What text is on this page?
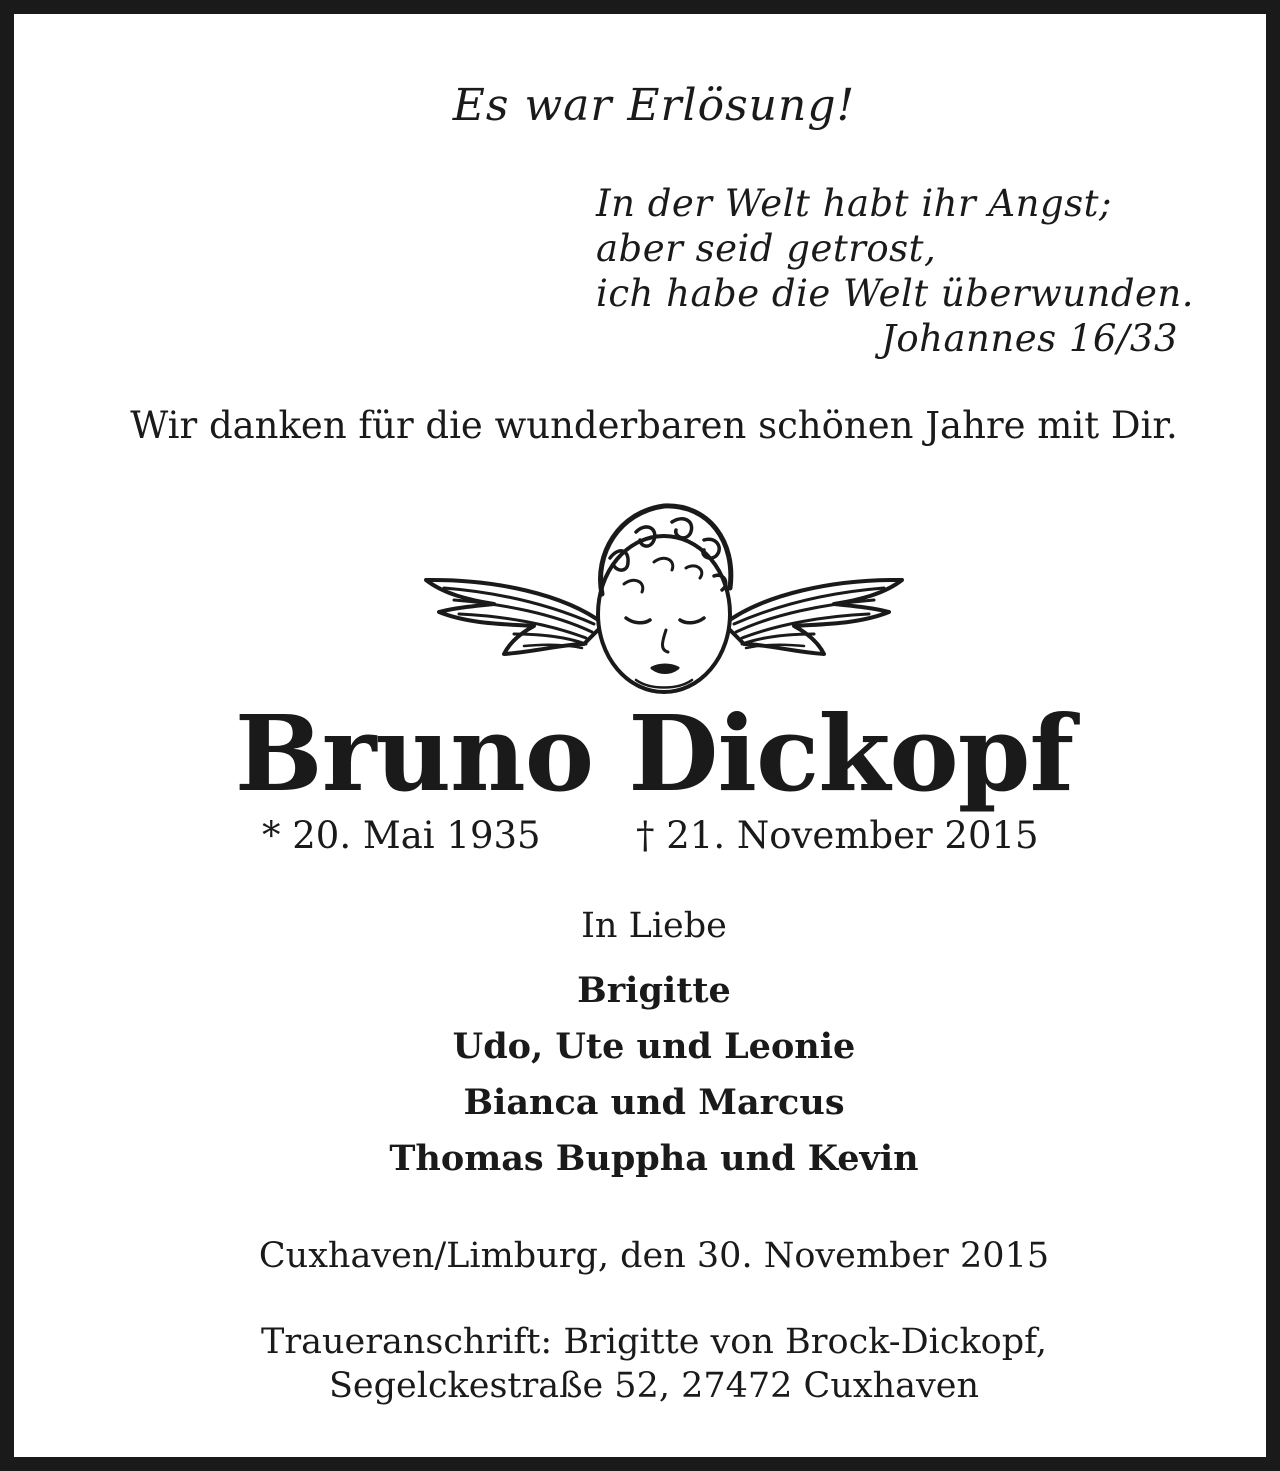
Es war Erlösung!
In der Welt habt ihr Angst;
aber seid getrost,
ich habe die Welt überwunden.
Johannes 16/33
Wir danken für die wunderbaren schönen Jahre mit Dir.
Bruno Dickopf
* 20. Mai 1935	† 21. November 2015
In Liebe
Brigitte
Udo, Ute und Leonie
Bianca und Marcus
Thomas Buppha und Kevin
Cuxhaven/Limburg, den 30. November 2015
Traueranschrift: Brigitte von Brock-Dickopf,
Segelckestraße 52, 27472 Cuxhaven
